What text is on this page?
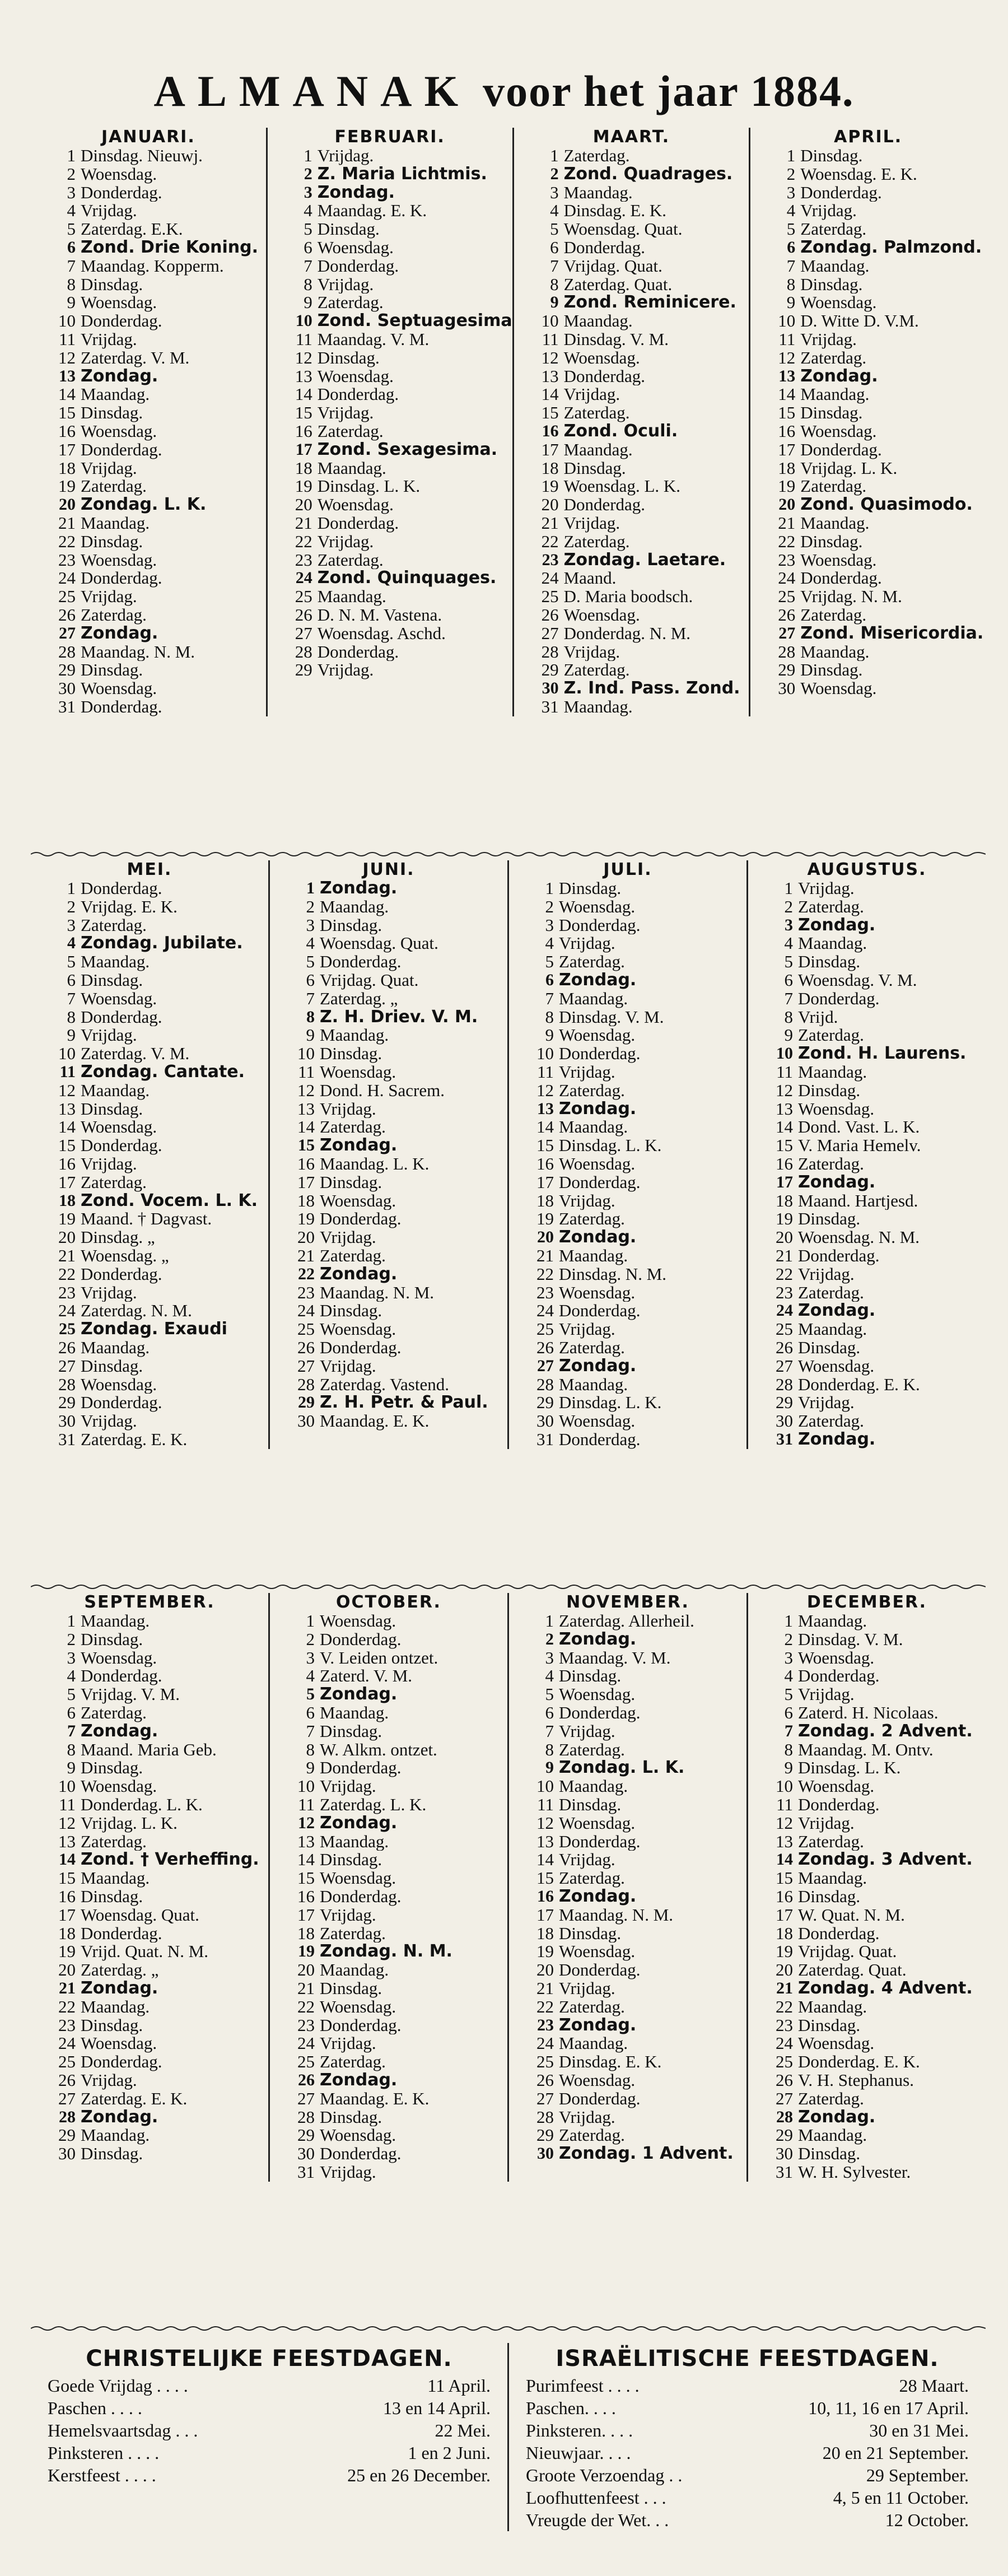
ALMANAK voor het jaar 1884.
JANUARI.
1 Dinsdag. Nieuwj.
2 Woensdag.
3 Donderdag.
4 Vrijdag.
5 Zaterdag. E.K.
6 Zond. Drie Koning.
7 Maandag. Kopperm.
8 Dinsdag.
9 Woensdag.
10 Donderdag.
11 Vrijdag.
12 Zaterdag. V. M.
13 Zondag.
14 Maandag.
15 Dinsdag.
16 Woensdag.
17 Donderdag.
18 Vrijdag.
19 Zaterdag.
20 Zondag. L. K.
21 Maandag.
22 Dinsdag.
23 Woensdag.
24 Donderdag.
25 Vrijdag.
26 Zaterdag.
27 Zondag.
28 Maandag. N. M.
29 Dinsdag.
30 Woensdag.
31 Donderdag.
FEBRUARI.
1 Vrijdag.
2 Z. Maria Lichtmis.
3 Zondag.
4 Maandag. E. K.
5 Dinsdag.
6 Woensdag.
7 Donderdag.
8 Vrijdag.
9 Zaterdag.
10 Zond. Septuagesima
11 Maandag. V. M.
12 Dinsdag.
13 Woensdag.
14 Donderdag.
15 Vrijdag.
16 Zaterdag.
17 Zond. Sexagesima.
18 Maandag.
19 Dinsdag. L. K.
20 Woensdag.
21 Donderdag.
22 Vrijdag.
23 Zaterdag.
24 Zond. Quinquages.
25 Maandag.
26 D. N. M. Vastena.
27 Woensdag. Aschd.
28 Donderdag.
29 Vrijdag.
MAART.
1 Zaterdag.
2 Zond. Quadrages.
3 Maandag.
4 Dinsdag. E. K.
5 Woensdag. Quat.
6 Donderdag.
7 Vrijdag. Quat.
8 Zaterdag. Quat.
9 Zond. Reminicere.
10 Maandag.
11 Dinsdag. V. M.
12 Woensdag.
13 Donderdag.
14 Vrijdag.
15 Zaterdag.
16 Zond. Oculi.
17 Maandag.
18 Dinsdag.
19 Woensdag. L. K.
20 Donderdag.
21 Vrijdag.
22 Zaterdag.
23 Zondag. Laetare.
24 Maand.
25 D. Maria boodsch.
26 Woensdag.
27 Donderdag. N. M.
28 Vrijdag.
29 Zaterdag.
30 Z. Ind. Pass. Zond.
31 Maandag.
APRIL.
1 Dinsdag.
2 Woensdag. E. K.
3 Donderdag.
4 Vrijdag.
5 Zaterdag.
6 Zondag. Palmzond.
7 Maandag.
8 Dinsdag.
9 Woensdag.
10 D. Witte D. V.M.
11 Vrijdag.
12 Zaterdag.
13 Zondag.
14 Maandag.
15 Dinsdag.
16 Woensdag.
17 Donderdag.
18 Vrijdag. L. K.
19 Zaterdag.
20 Zond. Quasimodo.
21 Maandag.
22 Dinsdag.
23 Woensdag.
24 Donderdag.
25 Vrijdag. N. M.
26 Zaterdag.
27 Zond. Misericordia.
28 Maandag.
29 Dinsdag.
30 Woensdag.
MEI.
1 Donderdag.
2 Vrijdag. E. K.
3 Zaterdag.
4 Zondag. Jubilate.
5 Maandag.
6 Dinsdag.
7 Woensdag.
8 Donderdag.
9 Vrijdag.
10 Zaterdag. V. M.
11 Zondag. Cantate.
12 Maandag.
13 Dinsdag.
14 Woensdag.
15 Donderdag.
16 Vrijdag.
17 Zaterdag.
18 Zond. Vocem. L. K.
19 Maand. † Dagvast.
20 Dinsdag. „
21 Woensdag. „
22 Donderdag.
23 Vrijdag.
24 Zaterdag. N. M.
25 Zondag. Exaudi
26 Maandag.
27 Dinsdag.
28 Woensdag.
29 Donderdag.
30 Vrijdag.
31 Zaterdag. E. K.
JUNI.
1 Zondag.
2 Maandag.
3 Dinsdag.
4 Woensdag. Quat.
5 Donderdag.
6 Vrijdag. Quat.
7 Zaterdag. „
8 Z. H. Driev. V. M.
9 Maandag.
10 Dinsdag.
11 Woensdag.
12 Dond. H. Sacrem.
13 Vrijdag.
14 Zaterdag.
15 Zondag.
16 Maandag. L. K.
17 Dinsdag.
18 Woensdag.
19 Donderdag.
20 Vrijdag.
21 Zaterdag.
22 Zondag.
23 Maandag. N. M.
24 Dinsdag.
25 Woensdag.
26 Donderdag.
27 Vrijdag.
28 Zaterdag. Vastend.
29 Z. H. Petr. & Paul.
30 Maandag. E. K.
JULI.
1 Dinsdag.
2 Woensdag.
3 Donderdag.
4 Vrijdag.
5 Zaterdag.
6 Zondag.
7 Maandag.
8 Dinsdag. V. M.
9 Woensdag.
10 Donderdag.
11 Vrijdag.
12 Zaterdag.
13 Zondag.
14 Maandag.
15 Dinsdag. L. K.
16 Woensdag.
17 Donderdag.
18 Vrijdag.
19 Zaterdag.
20 Zondag.
21 Maandag.
22 Dinsdag. N. M.
23 Woensdag.
24 Donderdag.
25 Vrijdag.
26 Zaterdag.
27 Zondag.
28 Maandag.
29 Dinsdag. L. K.
30 Woensdag.
31 Donderdag.
AUGUSTUS.
1 Vrijdag.
2 Zaterdag.
3 Zondag.
4 Maandag.
5 Dinsdag.
6 Woensdag. V. M.
7 Donderdag.
8 Vrijd.
9 Zaterdag.
10 Zond. H. Laurens.
11 Maandag.
12 Dinsdag.
13 Woensdag.
14 Dond. Vast. L. K.
15 V. Maria Hemelv.
16 Zaterdag.
17 Zondag.
18 Maand. Hartjesd.
19 Dinsdag.
20 Woensdag. N. M.
21 Donderdag.
22 Vrijdag.
23 Zaterdag.
24 Zondag.
25 Maandag.
26 Dinsdag.
27 Woensdag.
28 Donderdag. E. K.
29 Vrijdag.
30 Zaterdag.
31 Zondag.
SEPTEMBER.
1 Maandag.
2 Dinsdag.
3 Woensdag.
4 Donderdag.
5 Vrijdag. V. M.
6 Zaterdag.
7 Zondag.
8 Maand. Maria Geb.
9 Dinsdag.
10 Woensdag.
11 Donderdag. L. K.
12 Vrijdag. L. K.
13 Zaterdag.
14 Zond. † Verheffing.
15 Maandag.
16 Dinsdag.
17 Woensdag. Quat.
18 Donderdag.
19 Vrijd. Quat. N. M.
20 Zaterdag. „
21 Zondag.
22 Maandag.
23 Dinsdag.
24 Woensdag.
25 Donderdag.
26 Vrijdag.
27 Zaterdag. E. K.
28 Zondag.
29 Maandag.
30 Dinsdag.
OCTOBER.
1 Woensdag.
2 Donderdag.
3 V. Leiden ontzet.
4 Zaterd. V. M.
5 Zondag.
6 Maandag.
7 Dinsdag.
8 W. Alkm. ontzet.
9 Donderdag.
10 Vrijdag.
11 Zaterdag. L. K.
12 Zondag.
13 Maandag.
14 Dinsdag.
15 Woensdag.
16 Donderdag.
17 Vrijdag.
18 Zaterdag.
19 Zondag. N. M.
20 Maandag.
21 Dinsdag.
22 Woensdag.
23 Donderdag.
24 Vrijdag.
25 Zaterdag.
26 Zondag.
27 Maandag. E. K.
28 Dinsdag.
29 Woensdag.
30 Donderdag.
31 Vrijdag.
NOVEMBER.
1 Zaterdag. Allerheil.
2 Zondag.
3 Maandag. V. M.
4 Dinsdag.
5 Woensdag.
6 Donderdag.
7 Vrijdag.
8 Zaterdag.
9 Zondag. L. K.
10 Maandag.
11 Dinsdag.
12 Woensdag.
13 Donderdag.
14 Vrijdag.
15 Zaterdag.
16 Zondag.
17 Maandag. N. M.
18 Dinsdag.
19 Woensdag.
20 Donderdag.
21 Vrijdag.
22 Zaterdag.
23 Zondag.
24 Maandag.
25 Dinsdag. E. K.
26 Woensdag.
27 Donderdag.
28 Vrijdag.
29 Zaterdag.
30 Zondag. 1 Advent.
DECEMBER.
1 Maandag.
2 Dinsdag. V. M.
3 Woensdag.
4 Donderdag.
5 Vrijdag.
6 Zaterd. H. Nicolaas.
7 Zondag. 2 Advent.
8 Maandag. M. Ontv.
9 Dinsdag. L. K.
10 Woensdag.
11 Donderdag.
12 Vrijdag.
13 Zaterdag.
14 Zondag. 3 Advent.
15 Maandag.
16 Dinsdag.
17 W. Quat. N. M.
18 Donderdag.
19 Vrijdag. Quat.
20 Zaterdag. Quat.
21 Zondag. 4 Advent.
22 Maandag.
23 Dinsdag.
24 Woensdag.
25 Donderdag. E. K.
26 V. H. Stephanus.
27 Zaterdag.
28 Zondag.
29 Maandag.
30 Dinsdag.
31 W. H. Sylvester.
CHRISTELIJKE FEESTDAGEN.
Goede Vrijdag . . . .	11 April.
Paschen . . . .	13 en 14 April.
Hemelsvaartsdag . . .	22 Mei.
Pinksteren . . . .	1 en 2 Juni.
Kerstfeest . . . .	25 en 26 December.
ISRAËLITISCHE FEESTDAGEN.
Purimfeest . . . .	28 Maart.
Paschen. . . .	10, 11, 16 en 17 April.
Pinksteren. . . .	30 en 31 Mei.
Nieuwjaar. . . .	20 en 21 September.
Groote Verzoendag . .	29 September.
Loofhuttenfeest . . .	4, 5 en 11 October.
Vreugde der Wet. . .	12 October.
